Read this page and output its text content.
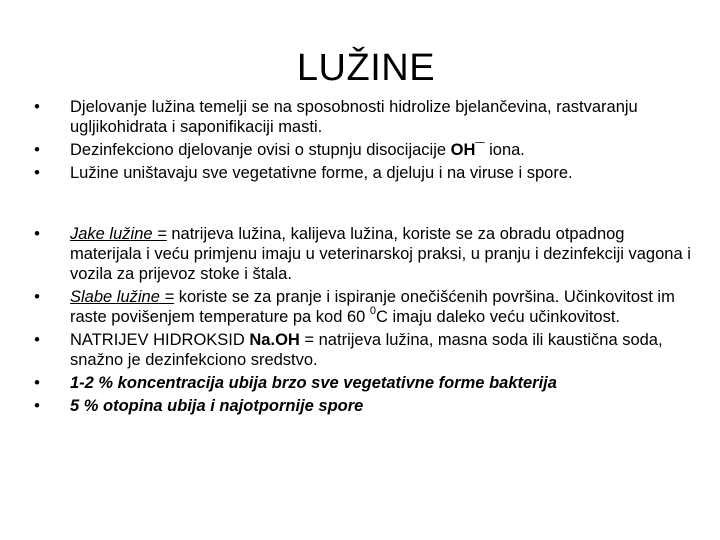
LUŽINE
• Djelovanje lužina temelji se na sposobnosti hidrolize bjelančevina, rastvaranju ugljikohidrata i saponifikaciji masti.
• Dezinfekciono djelovanje ovisi o stupnju disocijacije OH¯ iona.
• Lužine uništavaju sve vegetativne forme, a djeluju i na viruse i spore.
• Jake lužine = natrijeva lužina, kalijeva lužina, koriste se za obradu otpadnog materijala i veću primjenu imaju u veterinarskoj praksi, u pranju i dezinfekciji vagona i vozila za prijevoz stoke i štala.
• Slabe lužine = koriste se za pranje i ispiranje onečišćenih površina. Učinkovitost im raste povišenjem temperature pa kod 60 $^0$C imaju daleko veću učinkovitost.
• NATRIJEV HIDROKSID Na.OH = natrijeva lužina, masna soda ili kaustična soda, snažno je dezinfekciono sredstvo.
• 1-2 % koncentracija ubija brzo sve vegetativne forme bakterija
• 5 % otopina ubija i najotpornije spore
